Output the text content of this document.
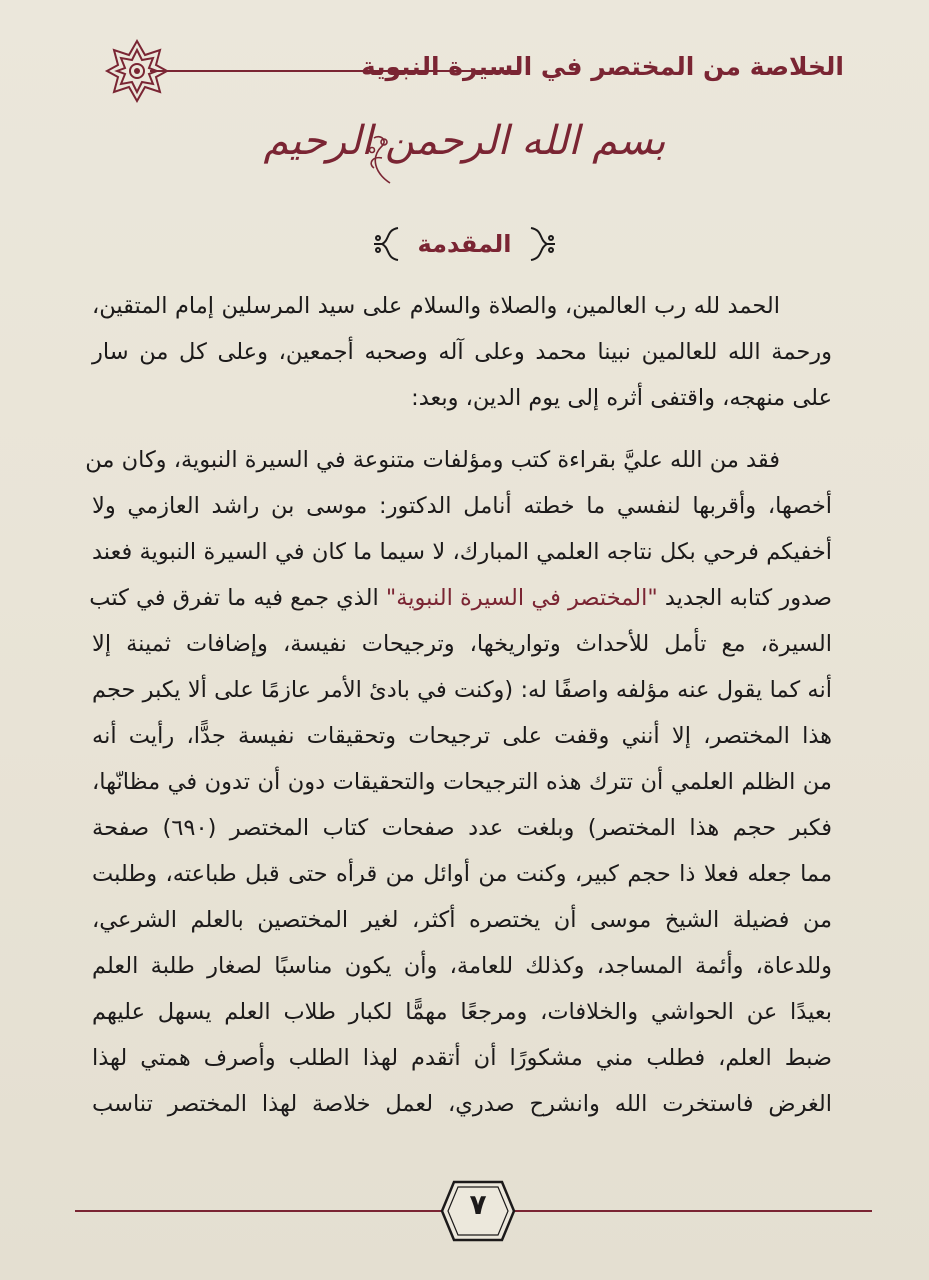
الخلاصة من المختصر في السيرة النبوية
بسم الله الرحمن الرحيم
المقدمة
الحمد لله رب العالمين، والصلاة والسلام على سيد المرسلين إمام المتقين،
ورحمة الله للعالمين نبينا محمد وعلى آله وصحبه أجمعين، وعلى كل من سار
على منهجه، واقتفى أثره إلى يوم الدين، وبعد:
فقد من الله عليَّ بقراءة كتب ومؤلفات متنوعة في السيرة النبوية، وكان من
أخصها، وأقربها لنفسي ما خطته أنامل الدكتور: موسى بن راشد العازمي ولا
أخفيكم فرحي بكل نتاجه العلمي المبارك، لا سيما ما كان في السيرة النبوية فعند
صدور كتابه الجديد "المختصر في السيرة النبوية" الذي جمع فيه ما تفرق في كتب
السيرة، مع تأمل للأحداث وتواريخها، وترجيحات نفيسة، وإضافات ثمينة إلا
أنه كما يقول عنه مؤلفه واصفًا له: (وكنت في بادئ الأمر عازمًا على ألا يكبر حجم
هذا المختصر، إلا أنني وقفت على ترجيحات وتحقيقات نفيسة جدًّا، رأيت أنه
من الظلم العلمي أن تترك هذه الترجيحات والتحقيقات دون أن تدون في مظانّها،
فكبر حجم هذا المختصر) وبلغت عدد صفحات كتاب المختصر (٦٩٠) صفحة
مما جعله فعلا ذا حجم كبير، وكنت من أوائل من قرأه حتى قبل طباعته، وطلبت
من فضيلة الشيخ موسى أن يختصره أكثر، لغير المختصين بالعلم الشرعي،
وللدعاة، وأئمة المساجد، وكذلك للعامة، وأن يكون مناسبًا لصغار طلبة العلم
بعيدًا عن الحواشي والخلافات، ومرجعًا مهمًّا لكبار طلاب العلم يسهل عليهم
ضبط العلم، فطلب مني مشكورًا أن أتقدم لهذا الطلب وأصرف همتي لهذا
الغرض فاستخرت الله وانشرح صدري، لعمل خلاصة لهذا المختصر تناسب
٧
